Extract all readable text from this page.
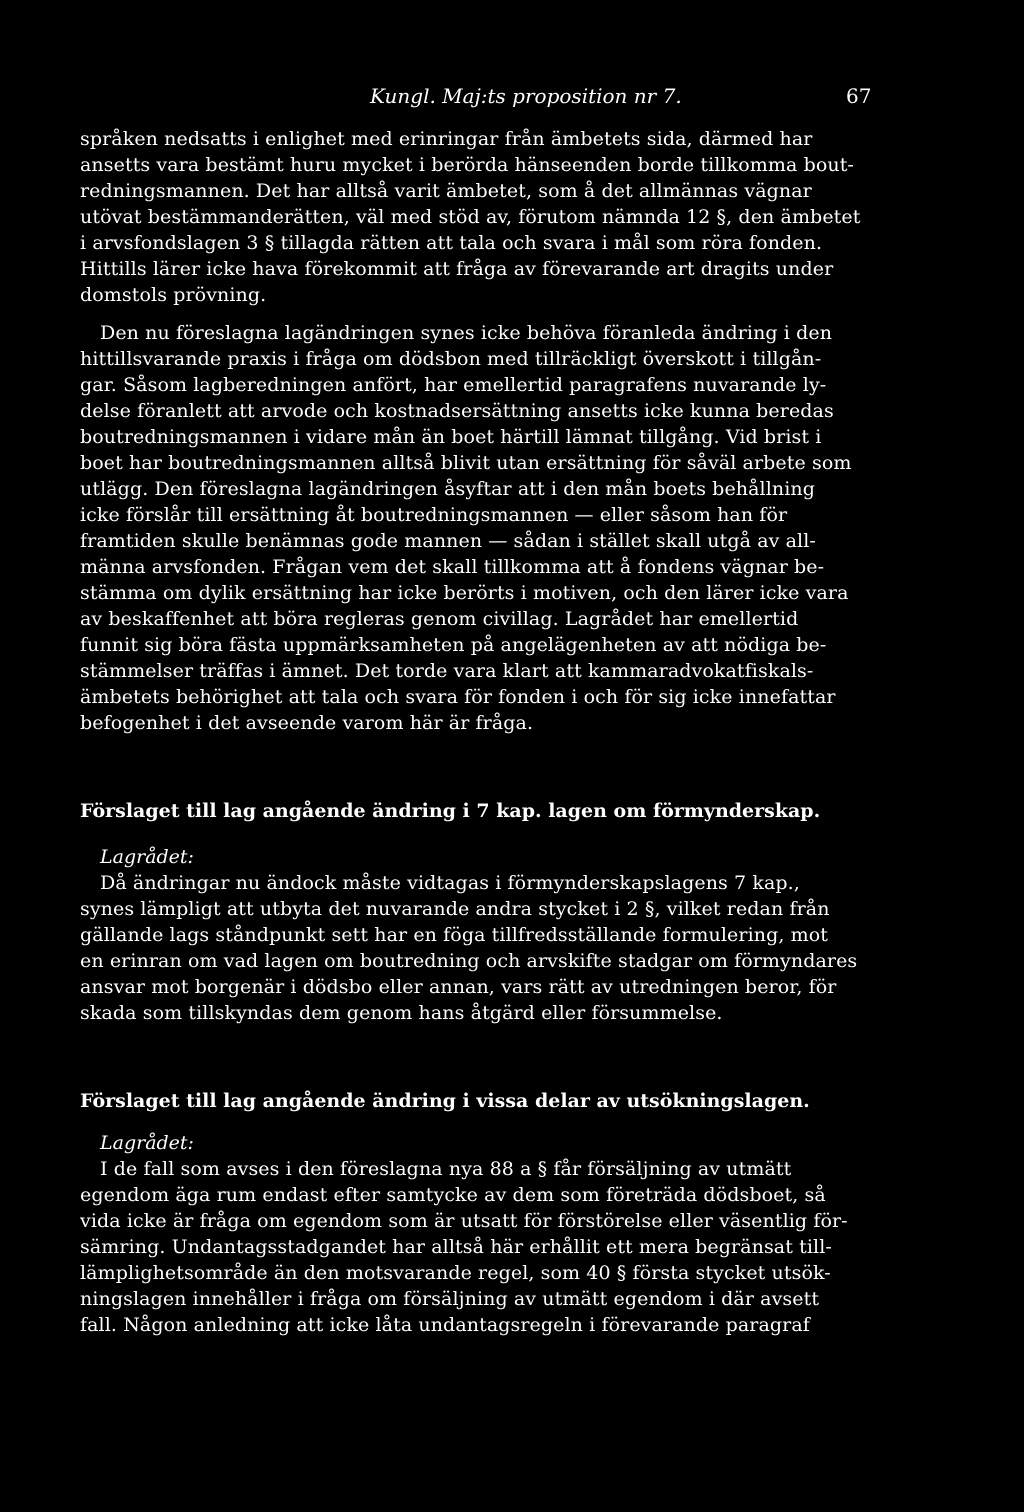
Kungl. Maj:ts proposition nr 7.	67
språken nedsatts i enlighet med erinringar från ämbetets sida, därmed har
ansetts vara bestämt huru mycket i berörda hänseenden borde tillkomma bout-
redningsmannen. Det har alltså varit ämbetet, som å det allmännas vägnar
utövat bestämmanderätten, väl med stöd av, förutom nämnda 12 §, den ämbetet
i arvsfondslagen 3 § tillagda rätten att tala och svara i mål som röra fonden.
Hittills lärer icke hava förekommit att fråga av förevarande art dragits under
domstols prövning.
Den nu föreslagna lagändringen synes icke behöva föranleda ändring i den
hittillsvarande praxis i fråga om dödsbon med tillräckligt överskott i tillgån-
gar. Såsom lagberedningen anfört, har emellertid paragrafens nuvarande ly-
delse föranlett att arvode och kostnadsersättning ansetts icke kunna beredas
boutredningsmannen i vidare mån än boet härtill lämnat tillgång. Vid brist i
boet har boutredningsmannen alltså blivit utan ersättning för såväl arbete som
utlägg. Den föreslagna lagändringen åsyftar att i den mån boets behållning
icke förslår till ersättning åt boutredningsmannen — eller såsom han för
framtiden skulle benämnas gode mannen — sådan i stället skall utgå av all-
männa arvsfonden. Frågan vem det skall tillkomma att å fondens vägnar be-
stämma om dylik ersättning har icke berörts i motiven, och den lärer icke vara
av beskaffenhet att böra regleras genom civillag. Lagrådet har emellertid
funnit sig böra fästa uppmärksamheten på angelägenheten av att nödiga be-
stämmelser träffas i ämnet. Det torde vara klart att kammaradvokatfiskals-
ämbetets behörighet att tala och svara för fonden i och för sig icke innefattar
befogenhet i det avseende varom här är fråga.
Förslaget till lag angående ändring i 7 kap. lagen om förmynderskap.
Lagrådet:
Då ändringar nu ändock måste vidtagas i förmynderskapslagens 7 kap.,
synes lämpligt att utbyta det nuvarande andra stycket i 2 §, vilket redan från
gällande lags ståndpunkt sett har en föga tillfredsställande formulering, mot
en erinran om vad lagen om boutredning och arvskifte stadgar om förmyndares
ansvar mot borgenär i dödsbo eller annan, vars rätt av utredningen beror, för
skada som tillskyndas dem genom hans åtgärd eller försummelse.
Förslaget till lag angående ändring i vissa delar av utsökningslagen.
Lagrådet:
I de fall som avses i den föreslagna nya 88 a § får försäljning av utmätt
egendom äga rum endast efter samtycke av dem som företräda dödsboet, så
vida icke är fråga om egendom som är utsatt för förstörelse eller väsentlig för-
sämring. Undantagsstadgandet har alltså här erhållit ett mera begränsat till-
lämplighetsområde än den motsvarande regel, som 40 § första stycket utsök-
ningslagen innehåller i fråga om försäljning av utmätt egendom i där avsett
fall. Någon anledning att icke låta undantagsregeln i förevarande paragraf
